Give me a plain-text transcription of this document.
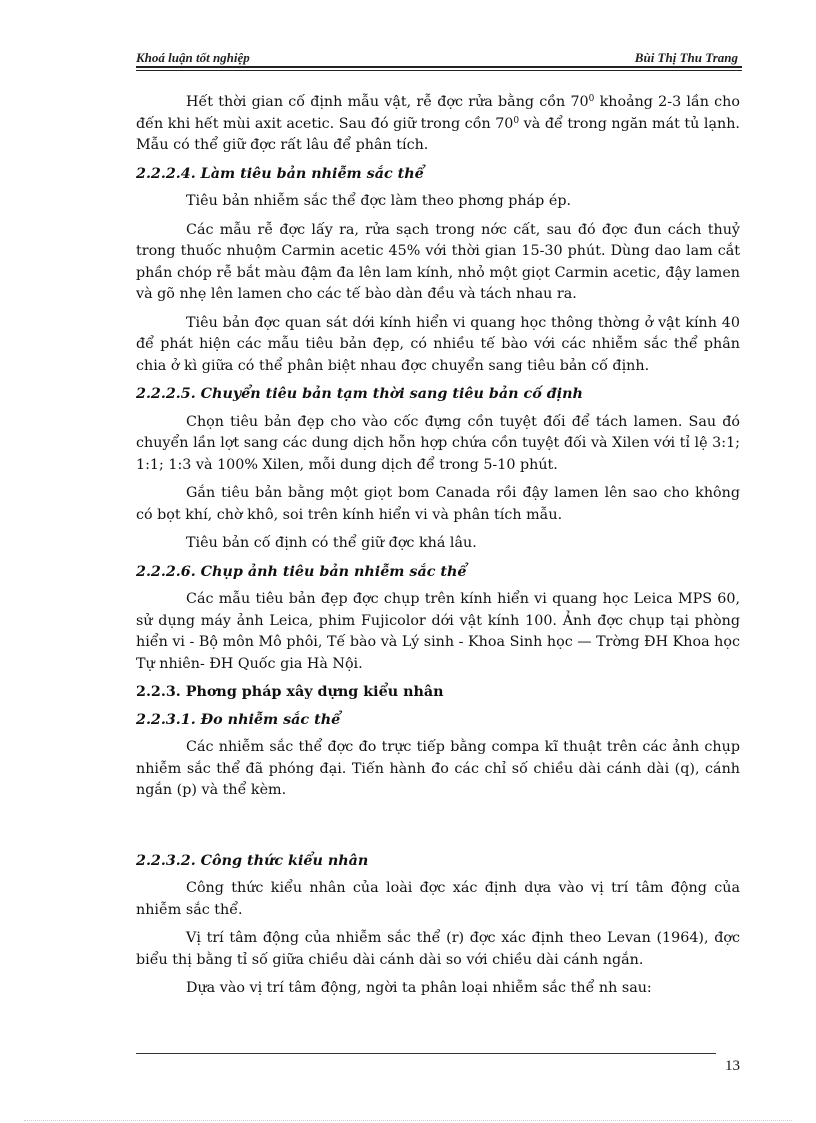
Khoá luận tốt nghiệp	Bùi Thị Thu Trang

Hết thời gian cố định mẫu vật, rễ đợc rửa bằng cồn $70^0$ khoảng 2-3 lần cho đến khi hết mùi axit acetic. Sau đó giữ trong cồn $70^0$ và để trong ngăn mát tủ lạnh. Mẫu có thể giữ đợc rất lâu để phân tích.

2.2.2.4. Làm tiêu bản nhiễm sắc thể

Tiêu bản nhiễm sắc thể đợc làm theo phơng pháp ép.

Các mẫu rễ đợc lấy ra, rửa sạch trong nớc cất, sau đó đợc đun cách thuỷ trong thuốc nhuộm Carmin acetic 45% với thời gian 15-30 phút. Dùng dao lam cắt phần chóp rễ bắt màu đậm đa lên lam kính, nhỏ một giọt Carmin acetic, đậy lamen và gõ nhẹ lên lamen cho các tế bào dàn đều và tách nhau ra.

Tiêu bản đợc quan sát dới kính hiển vi quang học thông thờng ở vật kính 40 để phát hiện các mẫu tiêu bản đẹp, có nhiều tế bào với các nhiễm sắc thể phân chia ở kì giữa có thể phân biệt nhau đợc chuyển sang tiêu bản cố định.

2.2.2.5. Chuyển tiêu bản tạm thời sang tiêu bản cố định

Chọn tiêu bản đẹp cho vào cốc đựng cồn tuyệt đối để tách lamen. Sau đó chuyển lần lợt sang các dung dịch hỗn hợp chứa cồn tuyệt đối và Xilen với tỉ lệ 3:1; 1:1; 1:3 và 100% Xilen, mỗi dung dịch để trong 5-10 phút.

Gắn tiêu bản bằng một giọt bom Canada rồi đậy lamen lên sao cho không có bọt khí, chờ khô, soi trên kính hiển vi và phân tích mẫu.

Tiêu bản cố định có thể giữ đợc khá lâu.

2.2.2.6. Chụp ảnh tiêu bản nhiễm sắc thể

Các mẫu tiêu bản đẹp đợc chụp trên kính hiển vi quang học Leica MPS 60, sử dụng máy ảnh Leica, phim Fujicolor dới vật kính 100. Ảnh đợc chụp tại phòng hiển vi - Bộ môn Mô phôi, Tế bào và Lý sinh - Khoa Sinh học — Trờng ĐH Khoa học Tự nhiên- ĐH Quốc gia Hà Nội.

2.2.3. Phơng pháp xây dựng kiểu nhân
2.2.3.1. Đo nhiễm sắc thể

Các nhiễm sắc thể đợc đo trực tiếp bằng compa kĩ thuật trên các ảnh chụp nhiễm sắc thể đã phóng đại. Tiến hành đo các chỉ số chiều dài cánh dài (q), cánh ngắn (p) và thể kèm.

2.2.3.2. Công thức kiểu nhân

Công thức kiểu nhân của loài đợc xác định dựa vào vị trí tâm động của nhiễm sắc thể.

Vị trí tâm động của nhiễm sắc thể (r) đợc xác định theo Levan (1964), đợc biểu thị bằng tỉ số giữa chiều dài cánh dài so với chiều dài cánh ngắn.

Dựa vào vị trí tâm động, ngời ta phân loại nhiễm sắc thể nh sau:

13
